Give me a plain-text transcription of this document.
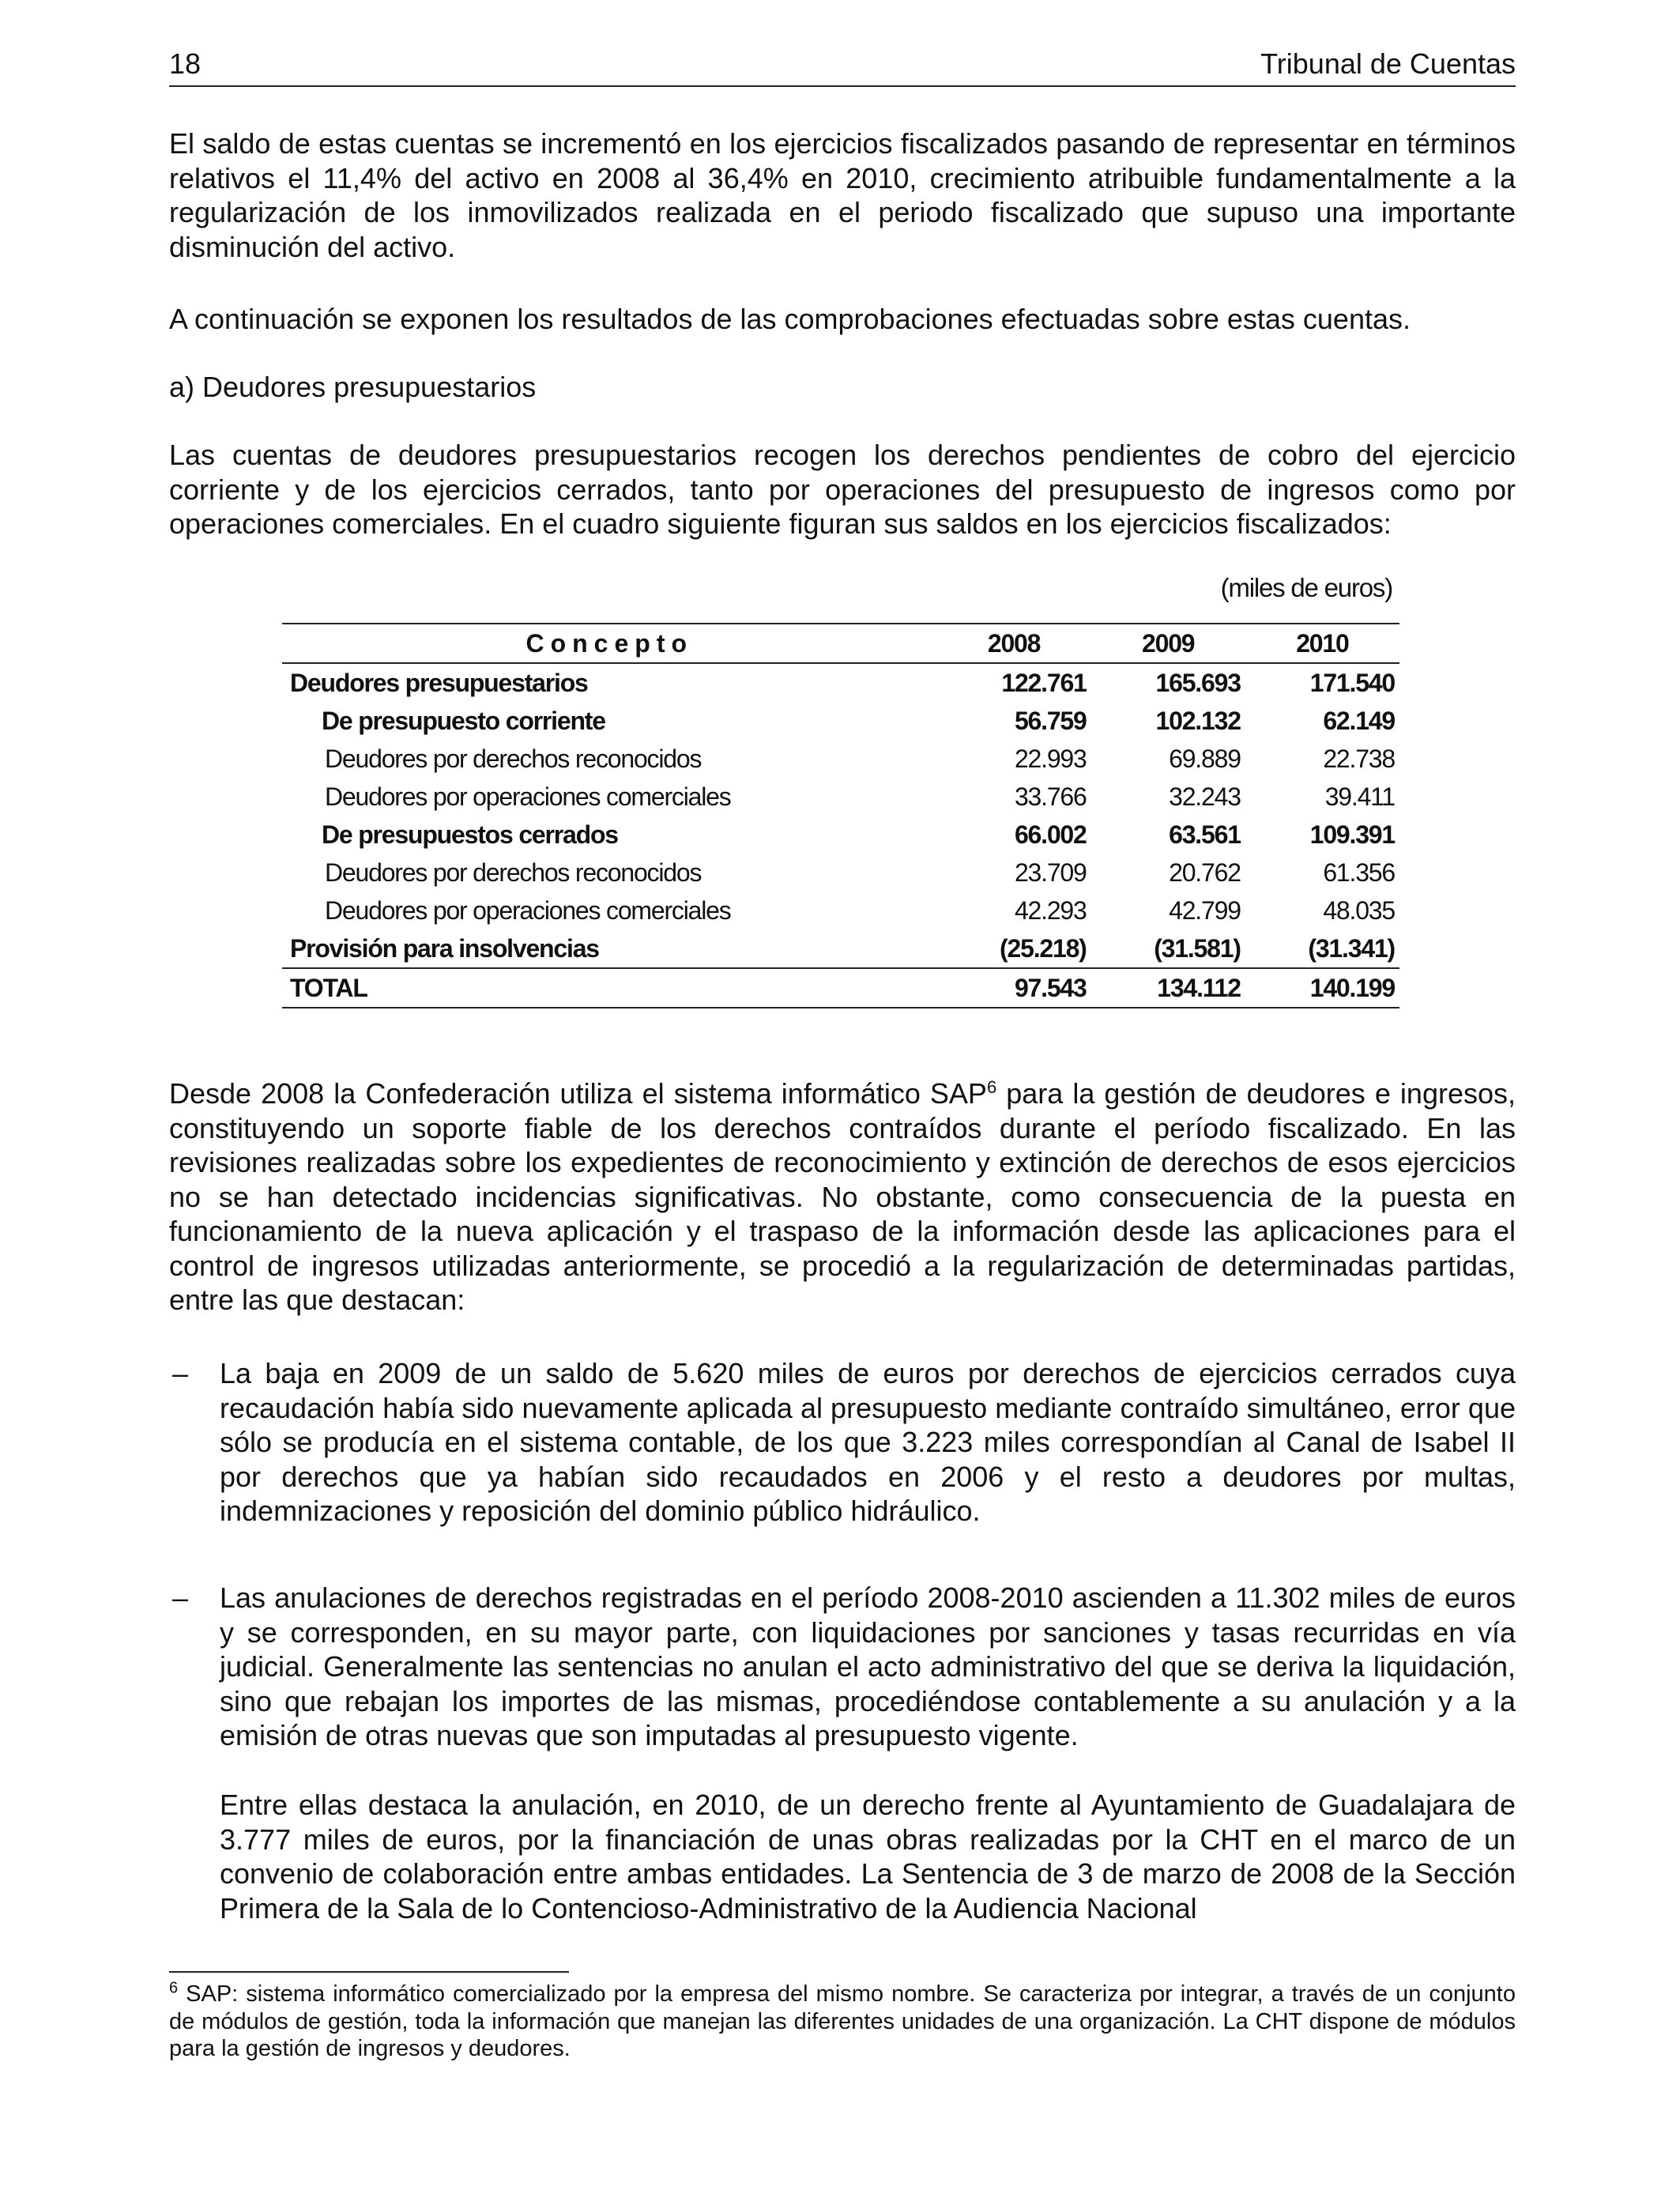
18	Tribunal de Cuentas

El saldo de estas cuentas se incrementó en los ejercicios fiscalizados pasando de representar en términos relativos el 11,4% del activo en 2008 al 36,4% en 2010, crecimiento atribuible fundamentalmente a la regularización de los inmovilizados realizada en el periodo fiscalizado que supuso una importante disminución del activo.

A continuación se exponen los resultados de las comprobaciones efectuadas sobre estas cuentas.

a) Deudores presupuestarios

Las cuentas de deudores presupuestarios recogen los derechos pendientes de cobro del ejercicio corriente y de los ejercicios cerrados, tanto por operaciones del presupuesto de ingresos como por operaciones comerciales. En el cuadro siguiente figuran sus saldos en los ejercicios fiscalizados:

(miles de euros)
Concepto	2008	2009	2010
Deudores presupuestarios	122.761	165.693	171.540
De presupuesto corriente	56.759	102.132	62.149
Deudores por derechos reconocidos	22.993	69.889	22.738
Deudores por operaciones comerciales	33.766	32.243	39.411
De presupuestos cerrados	66.002	63.561	109.391
Deudores por derechos reconocidos	23.709	20.762	61.356
Deudores por operaciones comerciales	42.293	42.799	48.035
Provisión para insolvencias	(25.218)	(31.581)	(31.341)
TOTAL	97.543	134.112	140.199

Desde 2008 la Confederación utiliza el sistema informático SAP$^6$ para la gestión de deudores e ingresos, constituyendo un soporte fiable de los derechos contraídos durante el período fiscalizado. En las revisiones realizadas sobre los expedientes de reconocimiento y extinción de derechos de esos ejercicios no se han detectado incidencias significativas. No obstante, como consecuencia de la puesta en funcionamiento de la nueva aplicación y el traspaso de la información desde las aplicaciones para el control de ingresos utilizadas anteriormente, se procedió a la regularización de determinadas partidas, entre las que destacan:

– La baja en 2009 de un saldo de 5.620 miles de euros por derechos de ejercicios cerrados cuya recaudación había sido nuevamente aplicada al presupuesto mediante contraído simultáneo, error que sólo se producía en el sistema contable, de los que 3.223 miles correspondían al Canal de Isabel II por derechos que ya habían sido recaudados en 2006 y el resto a deudores por multas, indemnizaciones y reposición del dominio público hidráulico.

– Las anulaciones de derechos registradas en el período 2008-2010 ascienden a 11.302 miles de euros y se corresponden, en su mayor parte, con liquidaciones por sanciones y tasas recurridas en vía judicial. Generalmente las sentencias no anulan el acto administrativo del que se deriva la liquidación, sino que rebajan los importes de las mismas, procediéndose contablemente a su anulación y a la emisión de otras nuevas que son imputadas al presupuesto vigente.

Entre ellas destaca la anulación, en 2010, de un derecho frente al Ayuntamiento de Guadalajara de 3.777 miles de euros, por la financiación de unas obras realizadas por la CHT en el marco de un convenio de colaboración entre ambas entidades. La Sentencia de 3 de marzo de 2008 de la Sección Primera de la Sala de lo Contencioso-Administrativo de la Audiencia Nacional

$^6$ SAP: sistema informático comercializado por la empresa del mismo nombre. Se caracteriza por integrar, a través de un conjunto de módulos de gestión, toda la información que manejan las diferentes unidades de una organización. La CHT dispone de módulos para la gestión de ingresos y deudores.
